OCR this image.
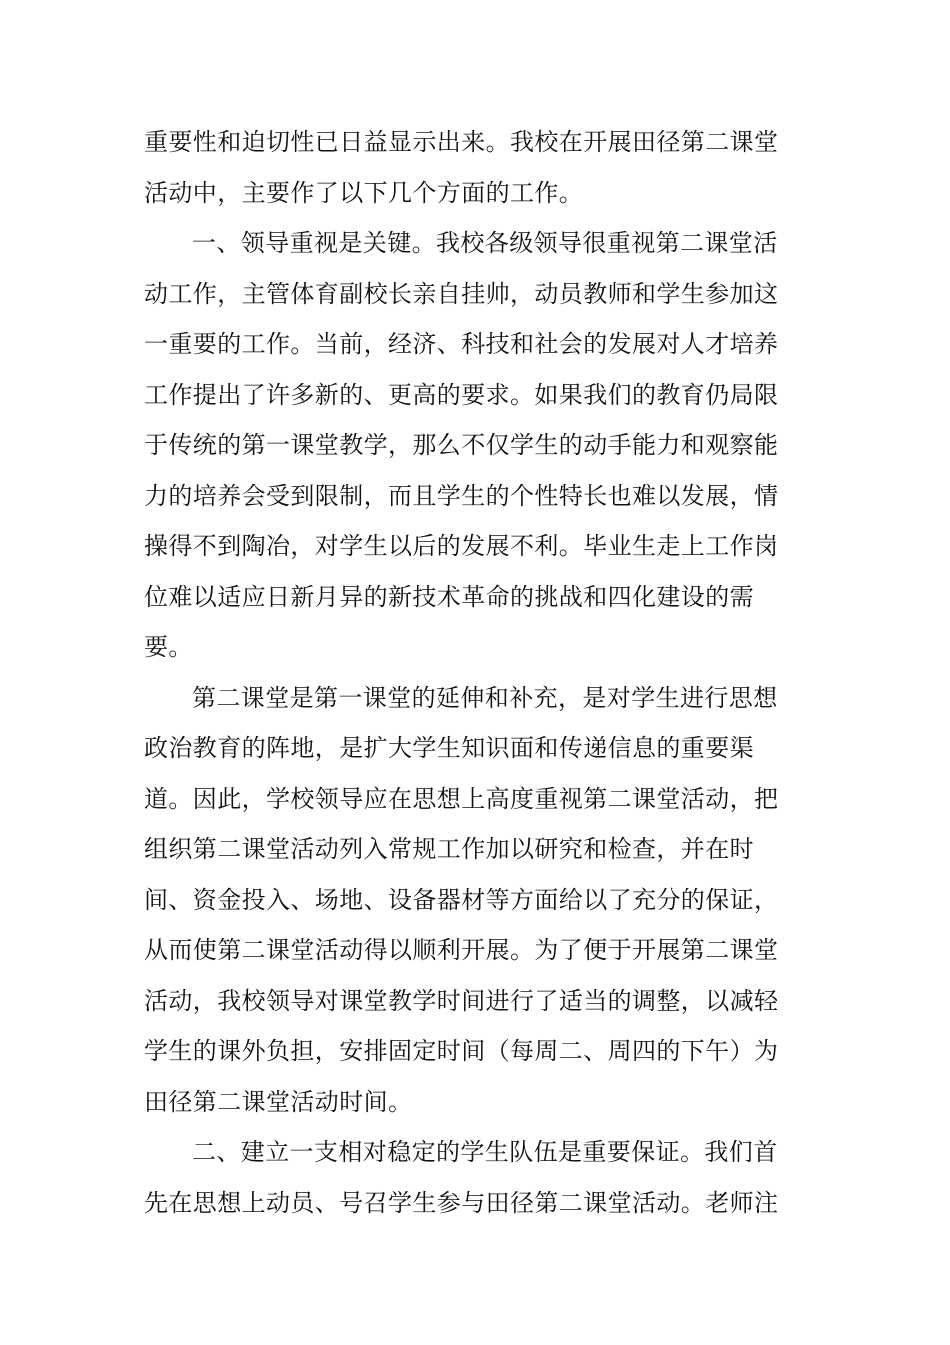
重要性和迫切性已日益显示出来。我校在开展田径第二课堂
活动中，主要作了以下几个方面的工作。
一、领导重视是关键。我校各级领导很重视第二课堂活
动工作，主管体育副校长亲自挂帅，动员教师和学生参加这
一重要的工作。当前，经济、科技和社会的发展对人才培养
工作提出了许多新的、更高的要求。如果我们的教育仍局限
于传统的第一课堂教学，那么不仅学生的动手能力和观察能
力的培养会受到限制，而且学生的个性特长也难以发展，情
操得不到陶冶，对学生以后的发展不利。毕业生走上工作岗
位难以适应日新月异的新技术革命的挑战和四化建设的需
要。
第二课堂是第一课堂的延伸和补充，是对学生进行思想
政治教育的阵地，是扩大学生知识面和传递信息的重要渠
道。因此，学校领导应在思想上高度重视第二课堂活动，把
组织第二课堂活动列入常规工作加以研究和检查，并在时
间、资金投入、场地、设备器材等方面给以了充分的保证，
从而使第二课堂活动得以顺利开展。为了便于开展第二课堂
活动，我校领导对课堂教学时间进行了适当的调整，以减轻
学生的课外负担，安排固定时间（每周二、周四的下午）为
田径第二课堂活动时间。
二、建立一支相对稳定的学生队伍是重要保证。我们首
先在思想上动员、号召学生参与田径第二课堂活动。老师注
